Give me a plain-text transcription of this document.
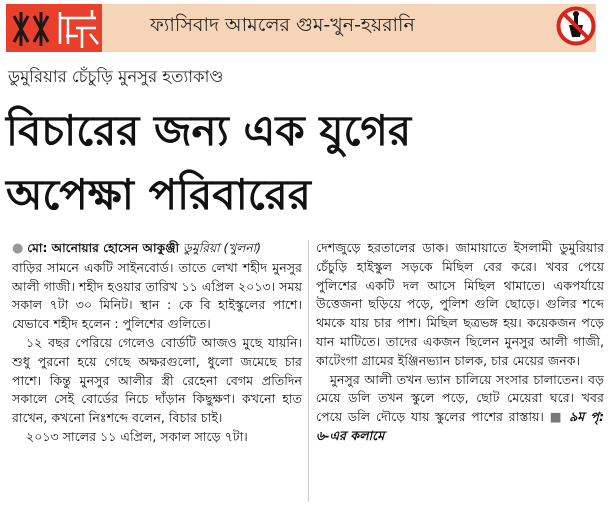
ফ্যাসিবাদ আমলের গুম-খুন-হয়রানি
ডুমুরিয়ার চেঁচুড়ি মুনসুর হত্যাকাণ্ড
বিচারের জন্য এক যুগের
অপেক্ষা পরিবারের
● মো: আনোয়ার হোসেন আকুঞ্জী ডুমুরিয়া (খুলনা)

বাড়ির সামনে একটি সাইনবোর্ড। তাতে লেখা শহীদ মুনসুর আলী গাজী। শহীদ হওয়ার তারিখ ১১ এপ্রিল ২০১৩। সময় সকাল ৭টা ৩০ মিনিট। স্থান : কে বি হাইস্কুলের পাশে। যেভাবে শহীদ হলেন : পুলিশের গুলিতে।

১২ বছর পেরিয়ে গেলেও বোর্ডটি আজও মুছে যায়নি। শুধু পুরনো হয়ে গেছে অক্ষরগুলো, ধুলো জমেছে চার পাশে। কিন্তু মুনসুর আলীর স্ত্রী রেহেনা বেগম প্রতিদিন সকালে সেই বোর্ডের নিচে দাঁড়ান কিছুক্ষণ। কখনো হাত রাখেন, কখনো নিঃশব্দে বলেন, বিচার চাই।

২০১৩ সালের ১১ এপ্রিল, সকাল সাড়ে ৭টা।

দেশজুড়ে হরতালের ডাক। জামায়াতে ইসলামী ডুমুরিয়ার চেঁচুড়ি হাইস্কুল সড়কে মিছিল বের করে। খবর পেয়ে পুলিশের একটি দল আসে মিছিল থামাতে। একপর্যায়ে উত্তেজনা ছড়িয়ে পড়ে, পুলিশ গুলি ছোড়ে। গুলির শব্দে থমকে যায় চার পাশ। মিছিল ছত্রভঙ্গ হয়। কয়েকজন পড়ে যান মাটিতে। তাদের একজন ছিলেন মুনসুর আলী গাজী, কাটেংগা গ্রামের ইঞ্জিনভ্যান চালক, চার মেয়ের জনক।

মুনসুর আলী তখন ভ্যান চালিয়ে সংসার চালাতেন। বড় মেয়ে ডলি তখন স্কুলে পড়ে, ছোট মেয়েরা ঘরে। খবর পেয়ে ডলি দৌড়ে যায় স্কুলের পাশের রাস্তায়। ■ ৯ম পৃ: ৬-এর কলামে
